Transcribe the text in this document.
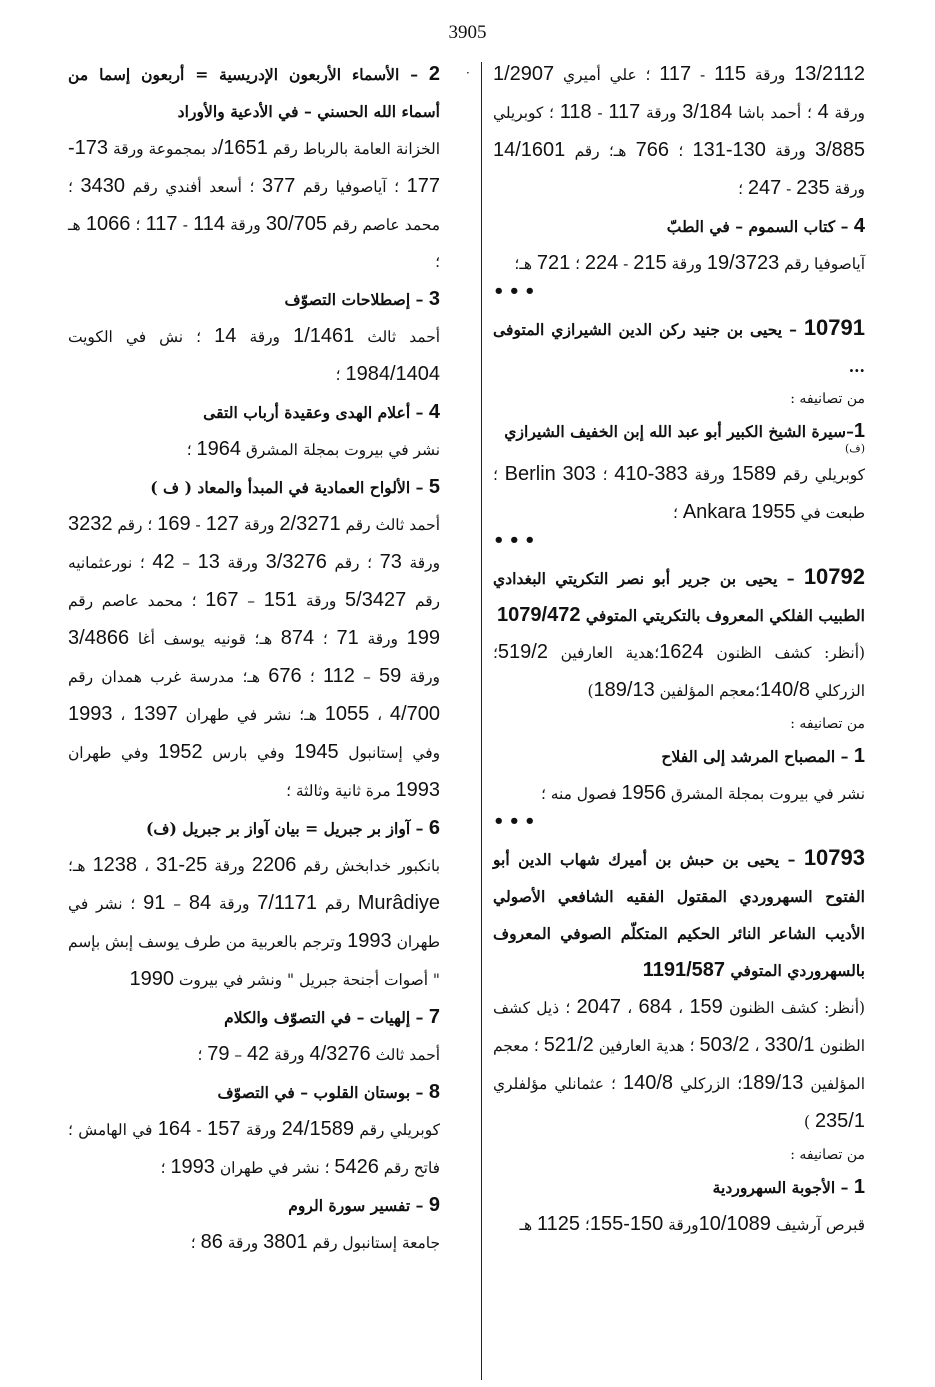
3905
·	13/2112 ورقة 115 - 117 ؛ علي أميري 1/2907 ورقة 4 ؛ أحمد باشا 3/184 ورقة 117 - 118 ؛ كوبريلي 3/885 ورقة 130-131 ؛ 766 هـ؛ رقم 14/1601 ورقة 235 - 247 ؛
4 – كتاب السموم – في الطبّ
آياصوفيا رقم 19/3723 ورقة 215 - 224 ؛ 721 هـ؛
•••
10791 – يحيى بن جنيد ركن الدين الشيرازي المتوفى ...
من تصانيفه :
1–سيرة الشيخ الكبير أبو عبد الله إبن الخفيف الشيرازي
(ف)
كوبريلي رقم 1589 ورقة 383-410 ؛ Berlin 303 ؛ طبعت في Ankara 1955 ؛
•••
10792 – يحيى بن جرير أبو نصر التكريتي البغدادي الطبيب الفلكي المعروف بالتكريتي المتوفي 1079/472
(أنظر: كشف الظنون 1624؛هدية العارفين 519/2؛ الزركلي 140/8؛معجم المؤلفين 189/13)
من تصانيفه :
1 – المصباح المرشد إلى الفلاح
نشر في بيروت بمجلة المشرق 1956 فصول منه ؛
•••
10793 – يحيى بن حبش بن أميرك شهاب الدين أبو الفتوح السهروردي المقتول الفقيه الشافعي الأصولي الأديب الشاعر النائر الحكيم المتكلّم الصوفي المعروف بالسهروردي المتوفي 1191/587
(أنظر: كشف الظنون 159 ، 684 ، 2047 ؛ ذيل كشف الظنون 330/1 ، 503/2 ؛ هدية العارفين 521/2 ؛ معجم المؤلفين 189/13؛ الزركلي 140/8 ؛ عثمانلي مؤلفلري 235/1 )
من تصانيفه :
1 – الأجوبة السهروردية
قبرص آرشيف 10/1089ورقة 150-155؛ 1125 هـ
2 – الأسماء الأربعون الإدريسية = أربعون إسما من أسماء الله الحسني – في الأدعية والأوراد
الخزانة العامة بالرباط رقم 1651/د بمجموعة ورقة 173-177 ؛ آياصوفيا رقم 377 ؛ أسعد أفندي رقم 3430 ؛ محمد عاصم رقم 30/705 ورقة 114 - 117 ؛ 1066 هـ ؛
3 – إصطلاحات التصوّف
أحمد ثالث 1/1461 ورقة 14 ؛ نش في الكويت 1984/1404 ؛
4 – أعلام الهدى وعقيدة أرباب التقى
نشر في بيروت بمجلة المشرق 1964 ؛
5 – الألواح العمادية في المبدأ والمعاد ( ف )
أحمد ثالث رقم 2/3271 ورقة 127 - 169 ؛ رقم 3232 ورقة 73 ؛ رقم 3/3276 ورقة 13 – 42 ؛ نورعثمانيه رقم 5/3427 ورقة 151 – 167 ؛ محمد عاصم رقم 199 ورقة 71 ؛ 874 هـ؛ قونيه يوسف أغا 3/4866 ورقة 59 – 112 ؛ 676 هـ؛ مدرسة غرب همدان رقم 4/700 ، 1055 هـ؛ نشر في طهران 1397 ، 1993 وفي إستانبول 1945 وفي بارس 1952 وفي طهران 1993 مرة ثانية وثالثة ؛
6 – آواز بر جبريل = بيان آواز بر جبريل (ف)
بانكبور خدابخش رقم 2206 ورقة 25-31 ، 1238 هـ؛ Murâdiye رقم 7/1171 ورقة 84 – 91 ؛ نشر في طهران 1993 وترجم بالعربية من طرف يوسف إبش بإسم " أصوات أجنحة جبريل " ونشر في بيروت 1990
7 – إلهيات – في التصوّف والكلام
أحمد ثالث 4/3276 ورقة 42 – 79 ؛
8 – بوستان القلوب – في التصوّف
كوبريلي رقم 24/1589 ورقة 157 - 164 في الهامش ؛ فاتح رقم 5426 ؛ نشر في طهران 1993 ؛
9 – تفسير سورة الروم
جامعة إستانبول رقم 3801 ورقة 86 ؛
